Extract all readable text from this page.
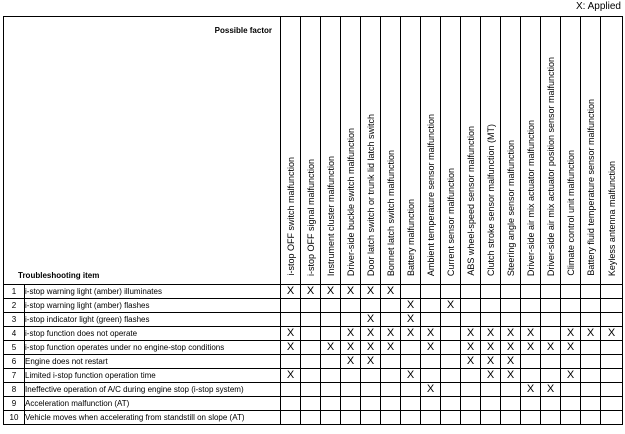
X: Applied
Possible factor
Troubleshooting item		i-stop OFF switch malfunction	i-stop OFF signal malfunction	Instrument cluster malfunction	Driver-side buckle switch malfunction	Door latch switch or trunk lid latch switch	Bonnet latch switch malfunction	Battery malfunction	Ambient temperature sensor malfunction	Current sensor malfunction	ABS wheel-speed sensor malfunction	Clutch stroke sensor malfunction (MT)	Steering angle sensor malfunction	Driver-side air mix actuator malfunction	Driver-side air mix actuator position sensor malfunction	Climate control unit malfunction	Battery fluid temperature sensor malfunction	Keyless antenna malfunction

1	i-stop warning light (amber) illuminates	X	X	X	X	X	X											
2	i-stop warning light (amber) flashes							X		X								
3	i-stop indicator light (green) flashes					X		X										
4	i-stop function does not operate	X			X	X	X	X	X		X	X	X	X		X	X	X
5	i-stop function operates under no engine-stop conditions	X		X	X	X	X		X		X	X	X	X	X	X		
6	Engine does not restart				X	X					X	X	X					
7	Limited i-stop function operation time	X						X				X	X			X		
8	Ineffective operation of A/C during engine stop (i-stop system)								X					X	X			
9	Acceleration malfunction (AT)																	
10	Vehicle moves when accelerating from standstill on slope (AT)																	
